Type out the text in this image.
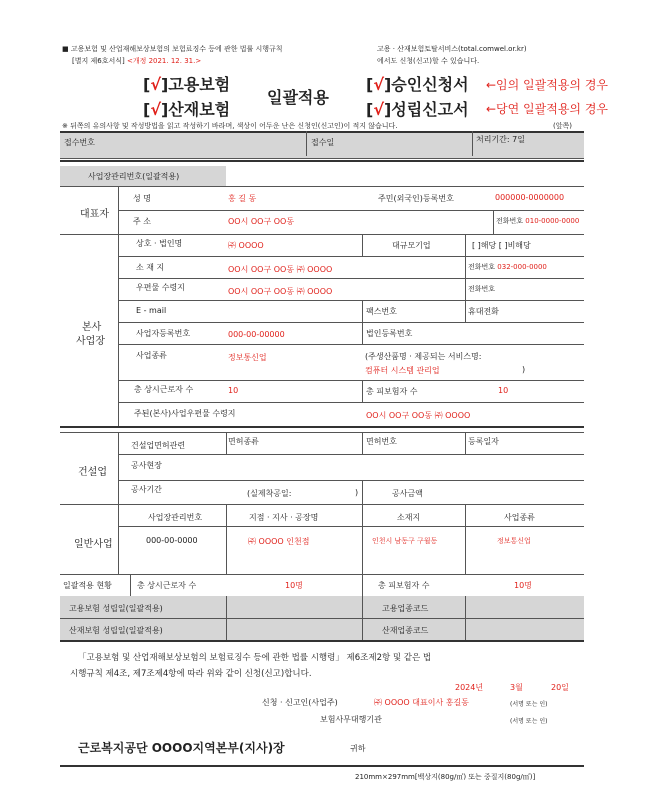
■ 고용보험 및 산업재해보상보험의 보험료징수 등에 관한 법률 시행규칙
[별지 제6호서식] <개정 2021. 12. 31.>
고용 · 산재보험토탈서비스(total.comwel.or.kr)
에서도 신청(신고)할 수 있습니다.
[√]고용보험
[√]산재보험
일괄적용
[√]승인신청서
[√]성립신고서
←임의 일괄적용의 경우
←당연 일괄적용의 경우
※ 뒤쪽의 유의사항 및 작성방법을 읽고 작성하기 바라며, 색상이 어두운 난은 신청인(신고인)이 적지 않습니다.	(앞쪽)
접수번호	접수일	처리기간: 7일
사업장관리번호(일괄적용)
대표자
성 명	홍 길 동	주민(외국인)등록번호	000000-0000000
주 소	OO시 OO구 OO동	전화번호 010-0000-0000
본사
사업장
상호 · 법인명	㈜ OOOO	대규모기업	[ ]해당 [ ]비해당
소 재 지	OO시 OO구 OO동 ㈜ OOOO	전화번호 032-000-0000
우편물 수령지	OO시 OO구 OO동 ㈜ OOOO	전화번호
E - mail	팩스번호	휴대전화
사업자등록번호	000-00-00000	법인등록번호
사업종류	정보통신업	(주생산품명 · 제공되는 서비스명:
컴퓨터 시스템 관리업	)
총 상시근로자 수	10	총 피보험자 수	10
주된(본사)사업우편물 수령지	OO시 OO구 OO동 ㈜ OOOO
건설업
건설업면허관련	면허종류	면허번호	등록일자
공사현장
공사기간	(실제착공일:	)	공사금액
일반사업
사업장관리번호	지점 · 지사 · 공장명	소재지	사업종류
000-00-0000	㈜ OOOO 인천점	인천시 남동구 구월동	정보통신업
일괄적용 현황	총 상시근로자 수	10명	총 피보험자 수	10명
고용보험 성립일(일괄적용)	고용업종코드
산재보험 성립일(일괄적용)	산재업종코드
「고용보험 및 산업재해보상보험의 보험료징수 등에 관한 법률 시행령」 제6조제2항 및 같은 법
시행규칙 제4조, 제7조제4항에 따라 위와 같이 신청(신고)합니다.
2024년	3월	20일
신청 · 신고인(사업주)	㈜ OOOO 대표이사 홍길동	(서명 또는 인)
보험사무대행기관	(서명 또는 인)
근로복지공단 OOOO지역본부(지사)장	귀하
210mm×297mm[백상지(80g/㎡) 또는 중질지(80g/㎡)]
